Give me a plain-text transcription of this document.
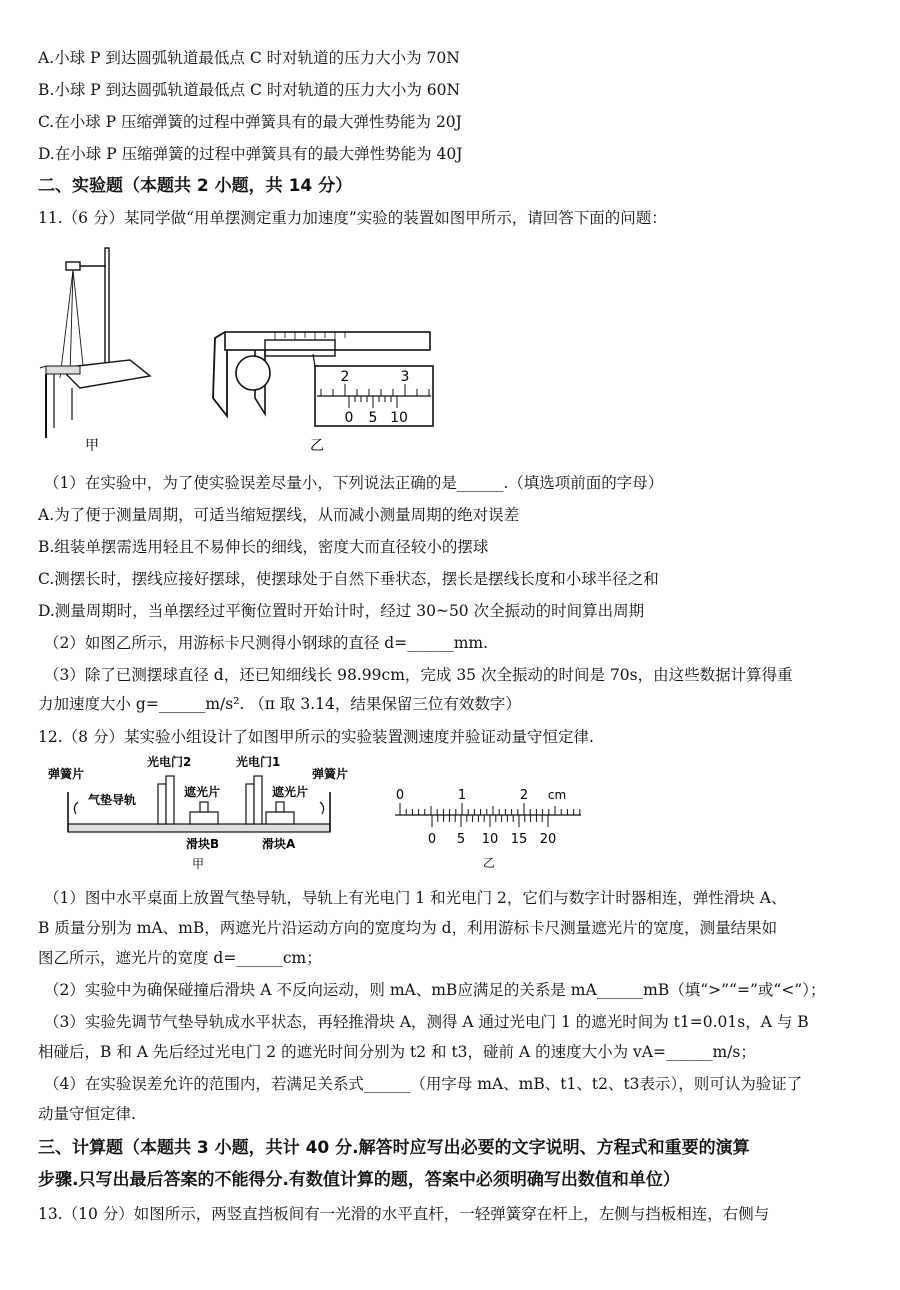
A.小球 P 到达圆弧轨道最低点 C 时对轨道的压力大小为 70N
B.小球 P 到达圆弧轨道最低点 C 时对轨道的压力大小为 60N
C.在小球 P 压缩弹簧的过程中弹簧具有的最大弹性势能为 20J
D.在小球 P 压缩弹簧的过程中弹簧具有的最大弹性势能为 40J
二、实验题（本题共 2 小题，共 14 分）
11.（6 分）某同学做“用单摆测定重力加速度”实验的装置如图甲所示，请回答下面的问题：
甲
2	3
0 5 10
乙
（1）在实验中，为了使实验误差尽量小，下列说法正确的是______.（填选项前面的字母）
A.为了便于测量周期，可适当缩短摆线，从而减小测量周期的绝对误差
B.组装单摆需选用轻且不易伸长的细线，密度大而直径较小的摆球
C.测摆长时，摆线应接好摆球，使摆球处于自然下垂状态，摆长是摆线长度和小球半径之和
D.测量周期时，当单摆经过平衡位置时开始计时，经过 30~50 次全振动的时间算出周期
（2）如图乙所示，用游标卡尺测得小钢球的直径 d=______mm.
（3）除了已测摆球直径 d，还已知细线长 98.99cm，完成 35 次全振动的时间是 70s，由这些数据计算得重
力加速度大小 g=______m/s². （π 取 3.14，结果保留三位有效数字）
12.（8 分）某实验小组设计了如图甲所示的实验装置测速度并验证动量守恒定律.
弹簧片
光电门2	光电门1
弹簧片
气垫导轨
遮光片	遮光片
滑块B	滑块A
甲
0	1	2 cm
0 5 10 15 20
乙
（1）图中水平桌面上放置气垫导轨，导轨上有光电门 1 和光电门 2，它们与数字计时器相连，弹性滑块 A、
B 质量分别为 mA、mB，两遮光片沿运动方向的宽度均为 d，利用游标卡尺测量遮光片的宽度，测量结果如
图乙所示，遮光片的宽度 d=______cm；
（2）实验中为确保碰撞后滑块 A 不反向运动，则 mA、mB应满足的关系是 mA______mB（填“>”“=”或“<”）；
（3）实验先调节气垫导轨成水平状态，再轻推滑块 A，测得 A 通过光电门 1 的遮光时间为 t1=0.01s，A 与 B
相碰后，B 和 A 先后经过光电门 2 的遮光时间分别为 t2 和 t3，碰前 A 的速度大小为 vA=______m/s；
（4）在实验误差允许的范围内，若满足关系式______（用字母 mA、mB、t1、t2、t3表示），则可认为验证了
动量守恒定律.
三、计算题（本题共 3 小题，共计 40 分.解答时应写出必要的文字说明、方程式和重要的演算
步骤.只写出最后答案的不能得分.有数值计算的题，答案中必须明确写出数值和单位）
13.（10 分）如图所示，两竖直挡板间有一光滑的水平直杆，一轻弹簧穿在杆上，左侧与挡板相连，右侧与
